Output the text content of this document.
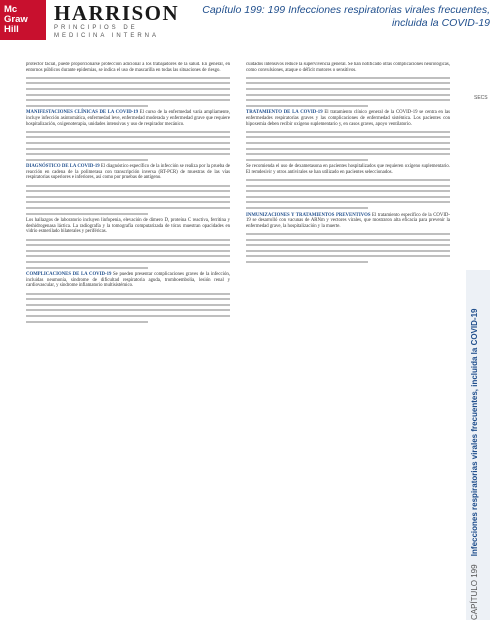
Mc
Graw
Hill
HARRISON
PRINCIPIOS DE
MEDICINA INTERNA
Capítulo 199: 199 Infecciones respiratorias virales frecuentes,
incluida la COVID-19

protector facial, puede proporcionarse protección adicional a los trabajadores de la salud. En general, en entornos públicos durante epidemias, se indica el uso de mascarilla en todas las situaciones de riesgo.

MANIFESTACIONES CLÍNICAS DE LA COVID-19 El curso de la enfermedad varía ampliamente, incluye infección asintomática, enfermedad leve, enfermedad moderada y enfermedad grave que requiere hospitalización, oxigenoterapia, unidades intensivas y uso de respirador mecánico.

DIAGNÓSTICO DE LA COVID-19 El diagnóstico específico de la infección se realiza por la prueba de reacción en cadena de la polimerasa con transcripción inversa (RT-PCR) de muestras de las vías respiratorias superiores e inferiores, así como por pruebas de antígeno.

Los hallazgos de laboratorio incluyen linfopenia, elevación de dímero D, proteína C reactiva, ferritina y deshidrogenasa láctica. La radiografía y la tomografía computarizada de tórax muestran opacidades en vidrio esmerilado bilaterales y periféricas.

COMPLICACIONES DE LA COVID-19 Se pueden presentar complicaciones graves de la infección, incluidas neumonía, síndrome de dificultad respiratoria aguda, tromboembolia, lesión renal y cardiovascular, y síndrome inflamatorio multisistémico.

cuidados intensivos reduce la supervivencia general. Se han notificado otras complicaciones neurológicas, como convulsiones, ataque o déficit motores o sensitivos.

TRATAMIENTO DE LA COVID-19 El tratamiento clínico general de la COVID-19 se centra en las enfermedades respiratorias graves y las complicaciones de enfermedad sistémica. Los pacientes con hipoxemia deben recibir oxígeno suplementario y, en casos graves, apoyo ventilatorio.

Se recomienda el uso de dexametasona en pacientes hospitalizados que requieren oxígeno suplementario. El remdesivir y otros antivirales se han utilizado en pacientes seleccionados.

INMUNIZACIONES Y TRATAMIENTOS PREVENTIVOS El tratamiento específico de la COVID-19 se desarrolló con vacunas de ARNm y vectores virales, que mostraron alta eficacia para prevenir la enfermedad grave, la hospitalización y la muerte.

SECS
CAPÍTULO 199 Infecciones respiratorias virales frecuentes, incluida la COVID-19
